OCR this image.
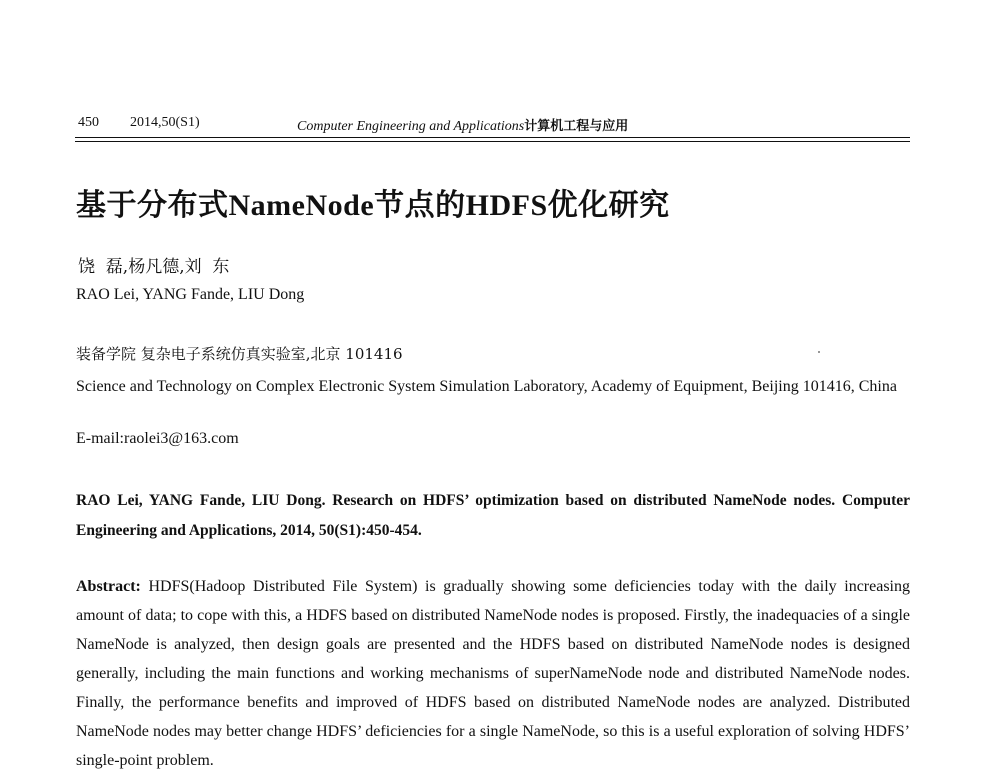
450 2014,50(S1)	Computer Engineering and Applications计算机工程与应用
基于分布式NameNode节点的HDFS优化研究
饶  磊,杨凡德,刘  东
RAO Lei, YANG Fande, LIU Dong
装备学院 复杂电子系统仿真实验室,北京 101416
Science and Technology on Complex Electronic System Simulation Laboratory, Academy of Equipment, Beijing 101416, China
E-mail:raolei3@163.com
RAO Lei, YANG Fande, LIU Dong. Research on HDFS’ optimization based on distributed NameNode nodes. Computer Engineering and Applications, 2014, 50(S1):450-454.
Abstract: HDFS(Hadoop Distributed File System) is gradually showing some deficiencies today with the daily increasing amount of data; to cope with this, a HDFS based on distributed NameNode nodes is proposed. Firstly, the inadequacies of a single NameNode is analyzed, then design goals are presented and the HDFS based on distributed NameNode nodes is designed generally, including the main functions and working mechanisms of superNameNode node and distributed NameNode nodes. Finally, the performance benefits and improved of HDFS based on distributed NameNode nodes are analyzed. Distributed NameNode nodes may better change HDFS’ deficiencies for a single NameNode, so this is a useful exploration of solving HDFS’ single-point problem.
